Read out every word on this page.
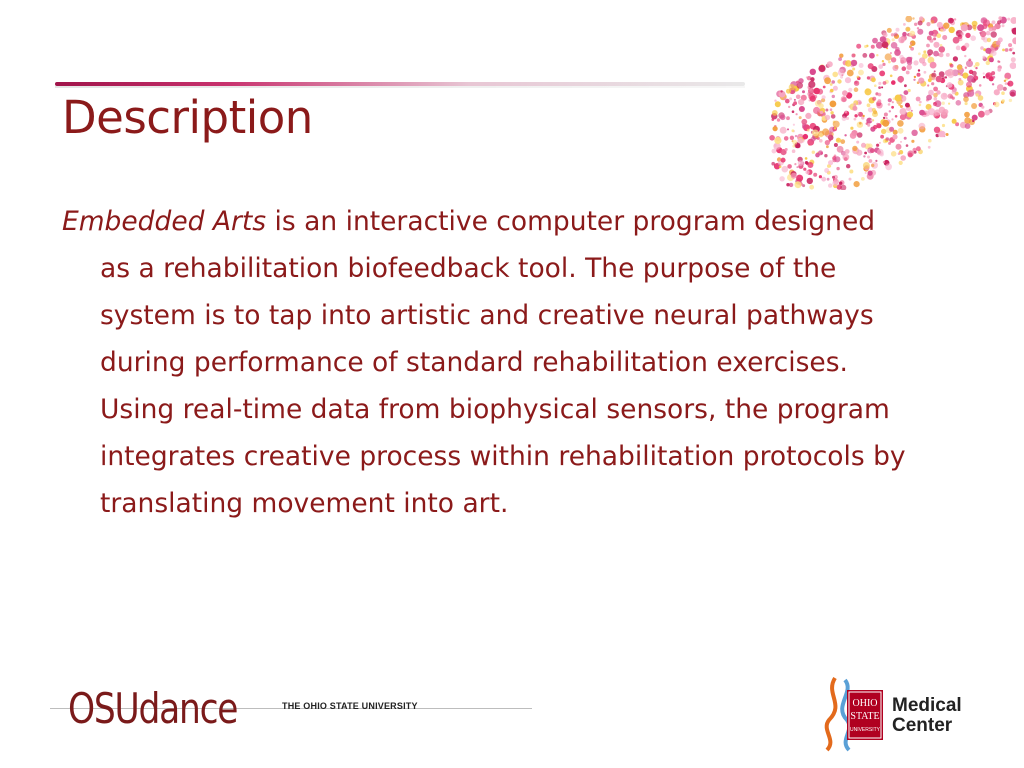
Description

Embedded Arts is an interactive computer program designed as a rehabilitation biofeedback tool. The purpose of the system is to tap into artistic and creative neural pathways during performance of standard rehabilitation exercises. Using real-time data from biophysical sensors, the program integrates creative process within rehabilitation protocols by translating movement into art.

OSUdance	THE OHIO STATE UNIVERSITY	OHIO
STATE
UNIVERSITY
Medical
Center
